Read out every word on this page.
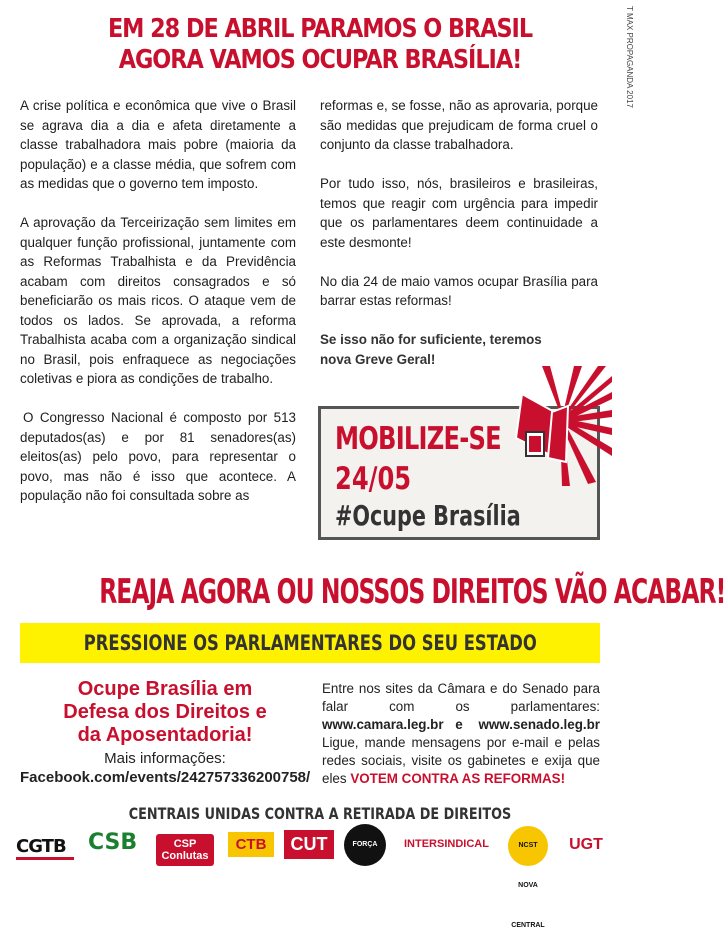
T MAX PROPAGANDA 2017
EM 28 DE ABRIL PARAMOS O BRASIL
AGORA VAMOS OCUPAR BRASÍLIA!

A crise política e econômica que vive o Brasil se agrava dia a dia e afeta diretamente a classe trabalhadora mais pobre (maioria da população) e a classe média, que sofrem com as medidas que o governo tem imposto.

A aprovação da Terceirização sem limites em qualquer função profissional, juntamente com as Reformas Trabalhista e da Previdência acabam com direitos consagrados e só beneficiarão os mais ricos. O ataque vem de todos os lados. Se aprovada, a reforma Trabalhista acaba com a organização sindical no Brasil, pois enfraquece as negociações coletivas e piora as condições de trabalho.

O Congresso Nacional é composto por 513 deputados(as) e por 81 senadores(as) eleitos(as) pelo povo, para representar o povo, mas não é isso que acontece. A população não foi consultada sobre as

reformas e, se fosse, não as aprovaria, porque são medidas que prejudicam de forma cruel o conjunto da classe trabalhadora.

Por tudo isso, nós, brasileiros e brasileiras, temos que reagir com urgência para impedir que os parlamentares deem continuidade a este desmonte!

No dia 24 de maio vamos ocupar Brasília para barrar estas reformas!

Se isso não for suficiente, teremos nova Greve Geral!

MOBILIZE-SE
24/05
#Ocupe Brasília
REAJA AGORA OU NOSSOS DIREITOS VÃO ACABAR!
PRESSIONE OS PARLAMENTARES DO SEU ESTADO
Ocupe Brasília em
Defesa dos Direitos e
da Aposentadoria!
Mais informações:
Facebook.com/events/242757336200758/
Entre nos sites da Câmara e do Senado para falar com os parlamentares: www.camara.leg.br e www.senado.leg.br Ligue, mande mensagens por e-mail e pelas redes sociais, visite os gabinetes e exija que eles VOTEM CONTRA AS REFORMAS!
CENTRAIS UNIDAS CONTRA A RETIRADA DE DIREITOS
CGTB	CSB	CSP Conlutas
CTB	CUT	FORÇA SINDICAL
INTERSINDICAL	NCST NOVA CENTRAL
UGT
